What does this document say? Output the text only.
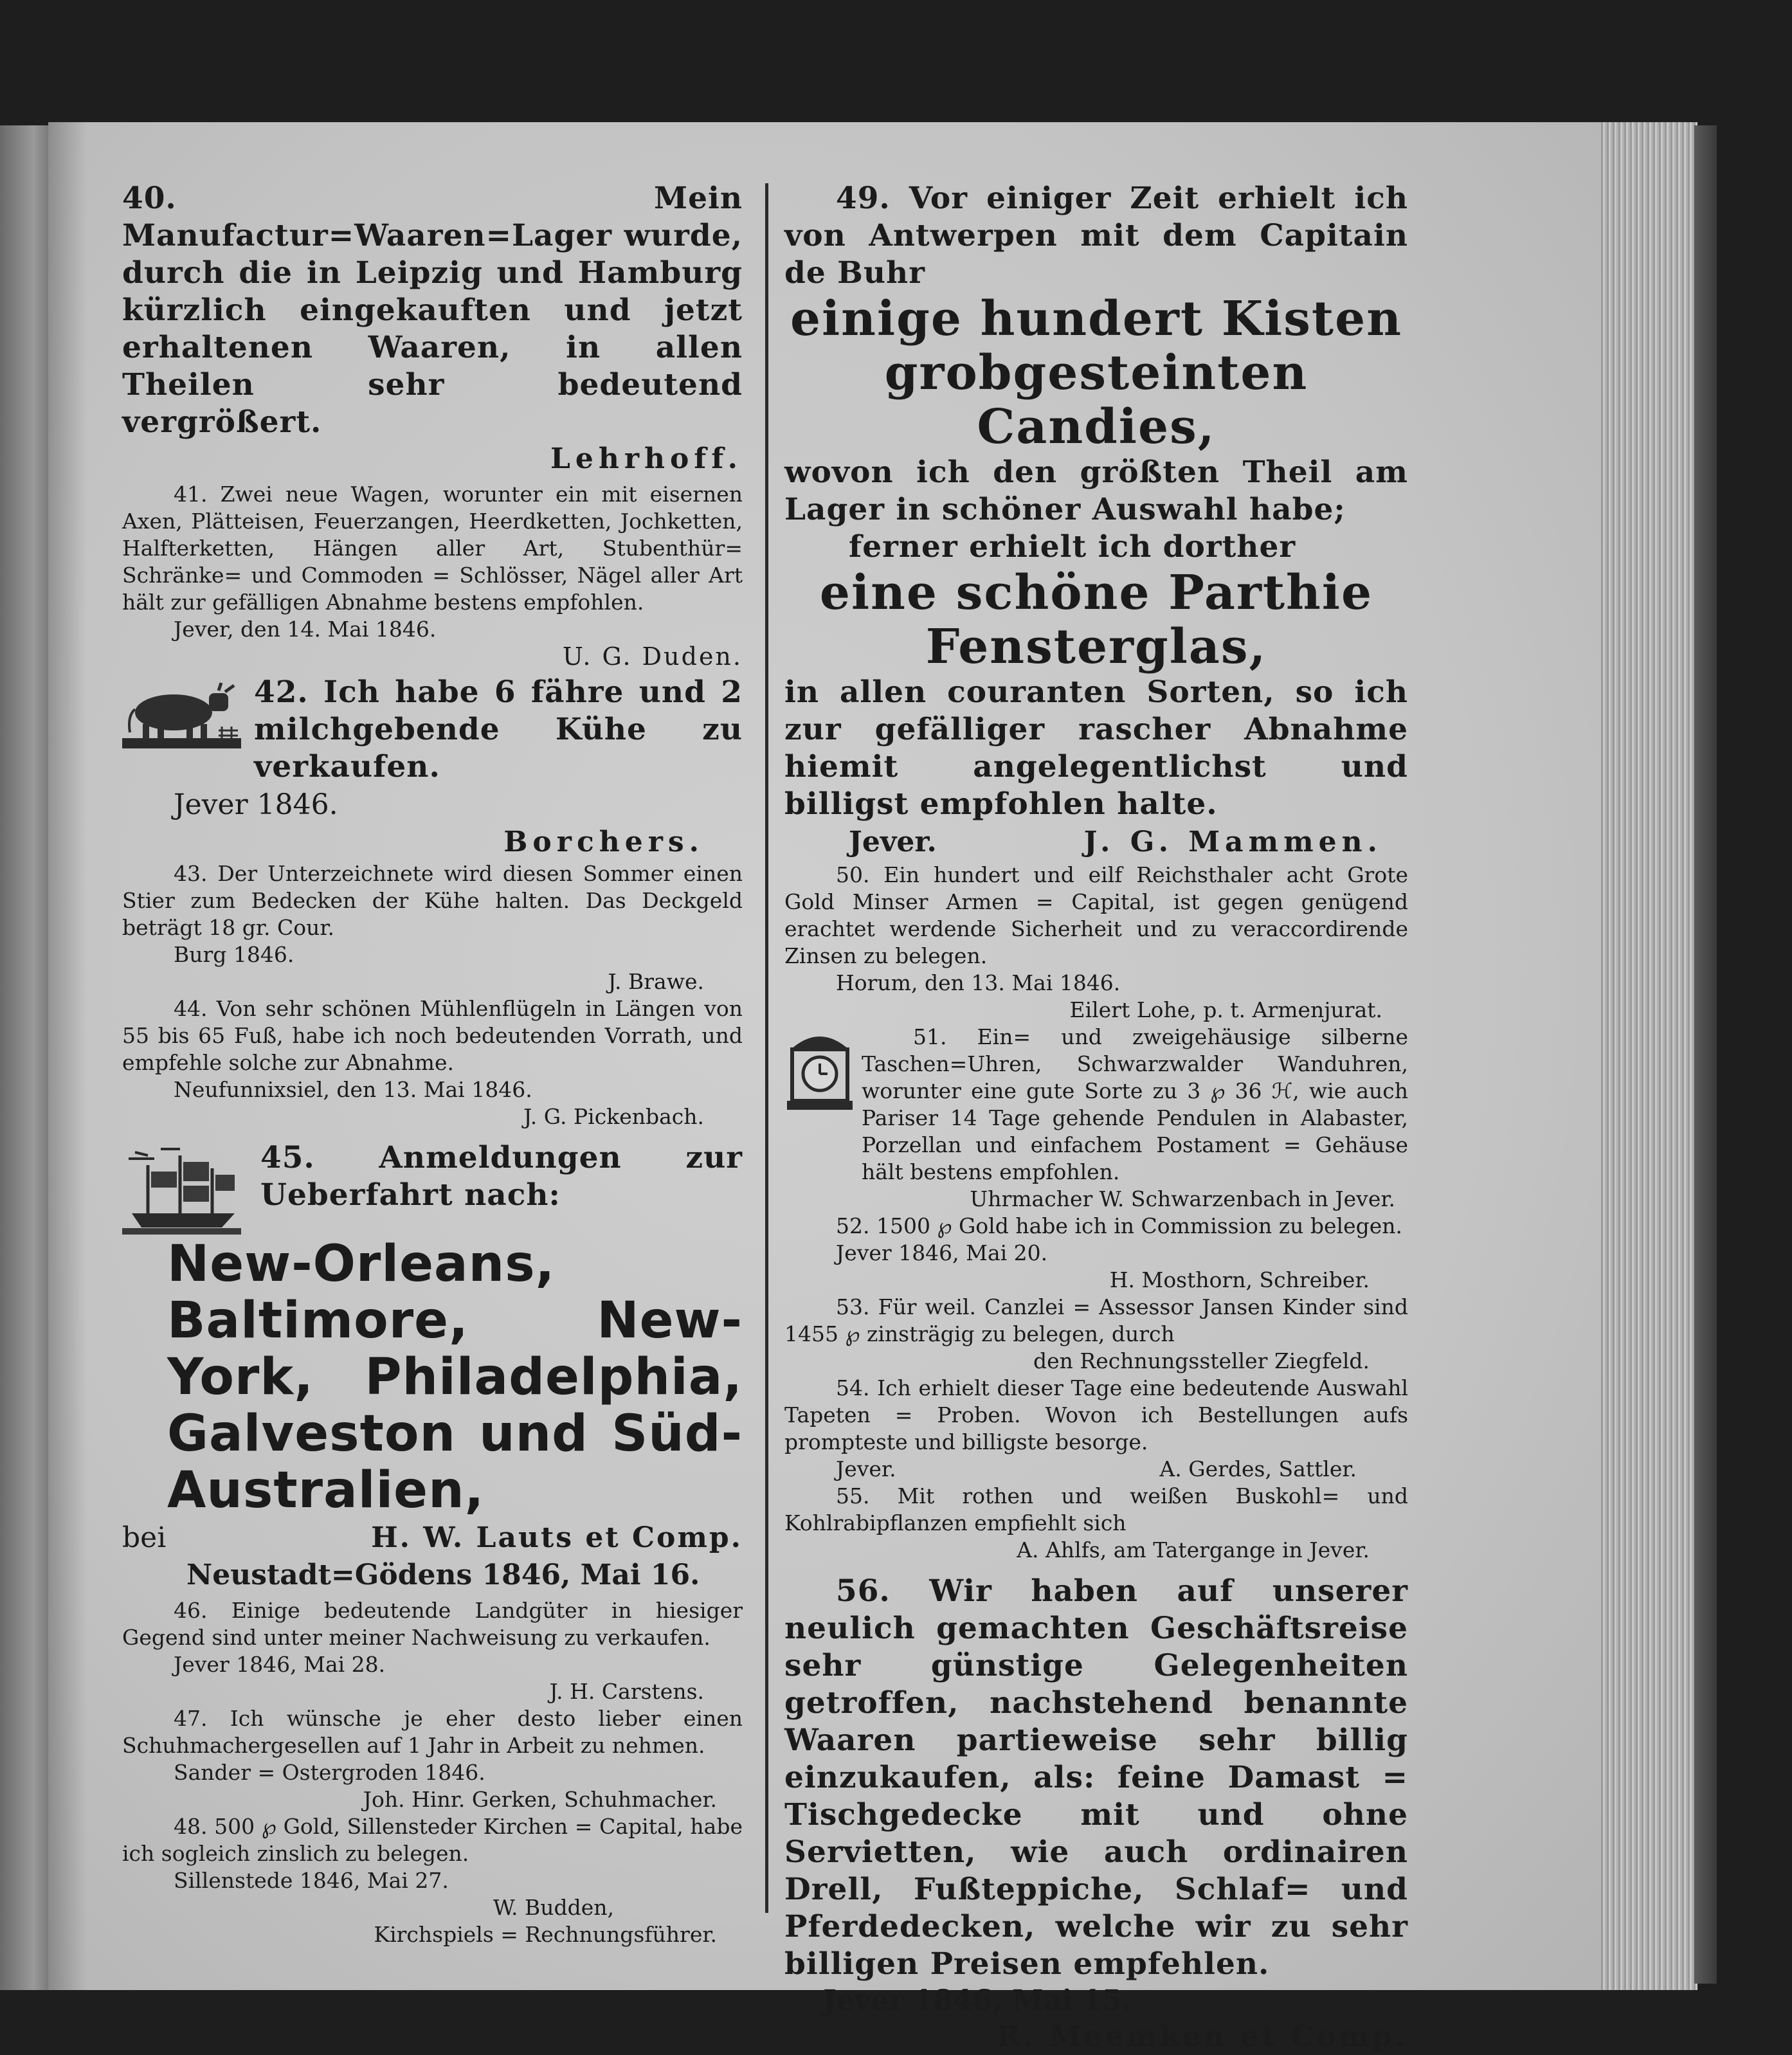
40. Mein Manufactur=Waaren=Lager wurde, durch die in Leipzig und Hamburg kürzlich eingekauften und jetzt erhaltenen Waaren, in allen Theilen sehr bedeutend vergrößert.

Lehrhoff.

41. Zwei neue Wagen, worunter ein mit eisernen Axen, Plätteisen, Feuerzangen, Heerdketten, Jochketten, Halfterketten, Hängen aller Art, Stubenthür= Schränke= und Commoden = Schlösser, Nägel aller Art hält zur gefälligen Abnahme bestens empfohlen.

Jever, den 14. Mai 1846.

U. G. Duden.

42. Ich habe 6 fähre und 2 milchgebende Kühe zu verkaufen.

Jever 1846.

Borchers.

43. Der Unterzeichnete wird diesen Sommer einen Stier zum Bedecken der Kühe halten. Das Deckgeld beträgt 18 gr. Cour.

Burg 1846.

J. Brawe.

44. Von sehr schönen Mühlenflügeln in Längen von 55 bis 65 Fuß, habe ich noch bedeutenden Vorrath, und empfehle solche zur Abnahme.

Neufunnixsiel, den 13. Mai 1846.

J. G. Pickenbach.

45. Anmeldungen zur Ueberfahrt nach:

New-Orleans, Baltimore, New-York, Philadelphia, Galveston und Süd-Australien,

bei	H. W. Lauts et Comp.

Neustadt=Gödens 1846, Mai 16.

46. Einige bedeutende Landgüter in hiesiger Gegend sind unter meiner Nachweisung zu verkaufen.

Jever 1846, Mai 28.

J. H. Carstens.

47. Ich wünsche je eher desto lieber einen Schuhmachergesellen auf 1 Jahr in Arbeit zu nehmen.

Sander = Ostergroden 1846.

Joh. Hinr. Gerken, Schuhmacher.

48. 500 ℘ Gold, Sillensteder Kirchen = Capital, habe ich sogleich zinslich zu belegen.

Sillenstede 1846, Mai 27.

W. Budden,

Kirchspiels = Rechnungsführer.

49. Vor einiger Zeit erhielt ich von Antwerpen mit dem Capitain de Buhr

einige hundert Kisten grobgesteinten Candies,

wovon ich den größten Theil am Lager in schöner Auswahl habe;

ferner erhielt ich dorther

eine schöne Parthie Fensterglas,

in allen couranten Sorten, so ich zur gefälliger rascher Abnahme hiemit angelegentlichst und billigst empfohlen halte.

Jever.	J. G. Mammen.

50. Ein hundert und eilf Reichsthaler acht Grote Gold Minser Armen = Capital, ist gegen genügend erachtet werdende Sicherheit und zu veraccordirende Zinsen zu belegen.

Horum, den 13. Mai 1846.

Eilert Lohe, p. t. Armenjurat.

51. Ein= und zweigehäusige silberne Taschen=Uhren, Schwarzwalder Wanduhren, worunter eine gute Sorte zu 3 ℘ 36 ℋ, wie auch Pariser 14 Tage gehende Pendulen in Alabaster, Porzellan und einfachem Postament = Gehäuse hält bestens empfohlen.

Uhrmacher W. Schwarzenbach in Jever.

52. 1500 ℘ Gold habe ich in Commission zu belegen.

Jever 1846, Mai 20.

H. Mosthorn, Schreiber.

53. Für weil. Canzlei = Assessor Jansen Kinder sind 1455 ℘ zinsträgig zu belegen, durch

den Rechnungssteller Ziegfeld.

54. Ich erhielt dieser Tage eine bedeutende Auswahl Tapeten = Proben. Wovon ich Bestellungen aufs prompteste und billigste besorge.

Jever.	A. Gerdes, Sattler.

55. Mit rothen und weißen Buskohl= und Kohlrabipflanzen empfiehlt sich

A. Ahlfs, am Tatergange in Jever.

56. Wir haben auf unserer neulich gemachten Geschäftsreise sehr günstige Gelegenheiten getroffen, nachstehend benannte Waaren partieweise sehr billig einzukaufen, als: feine Damast = Tischgedecke mit und ohne Servietten, wie auch ordinairen Drell, Fußteppiche, Schlaf= und Pferdedecken, welche wir zu sehr billigen Preisen empfehlen.

Jever 1846, Mai 15.

R. Meemken et Comp.
